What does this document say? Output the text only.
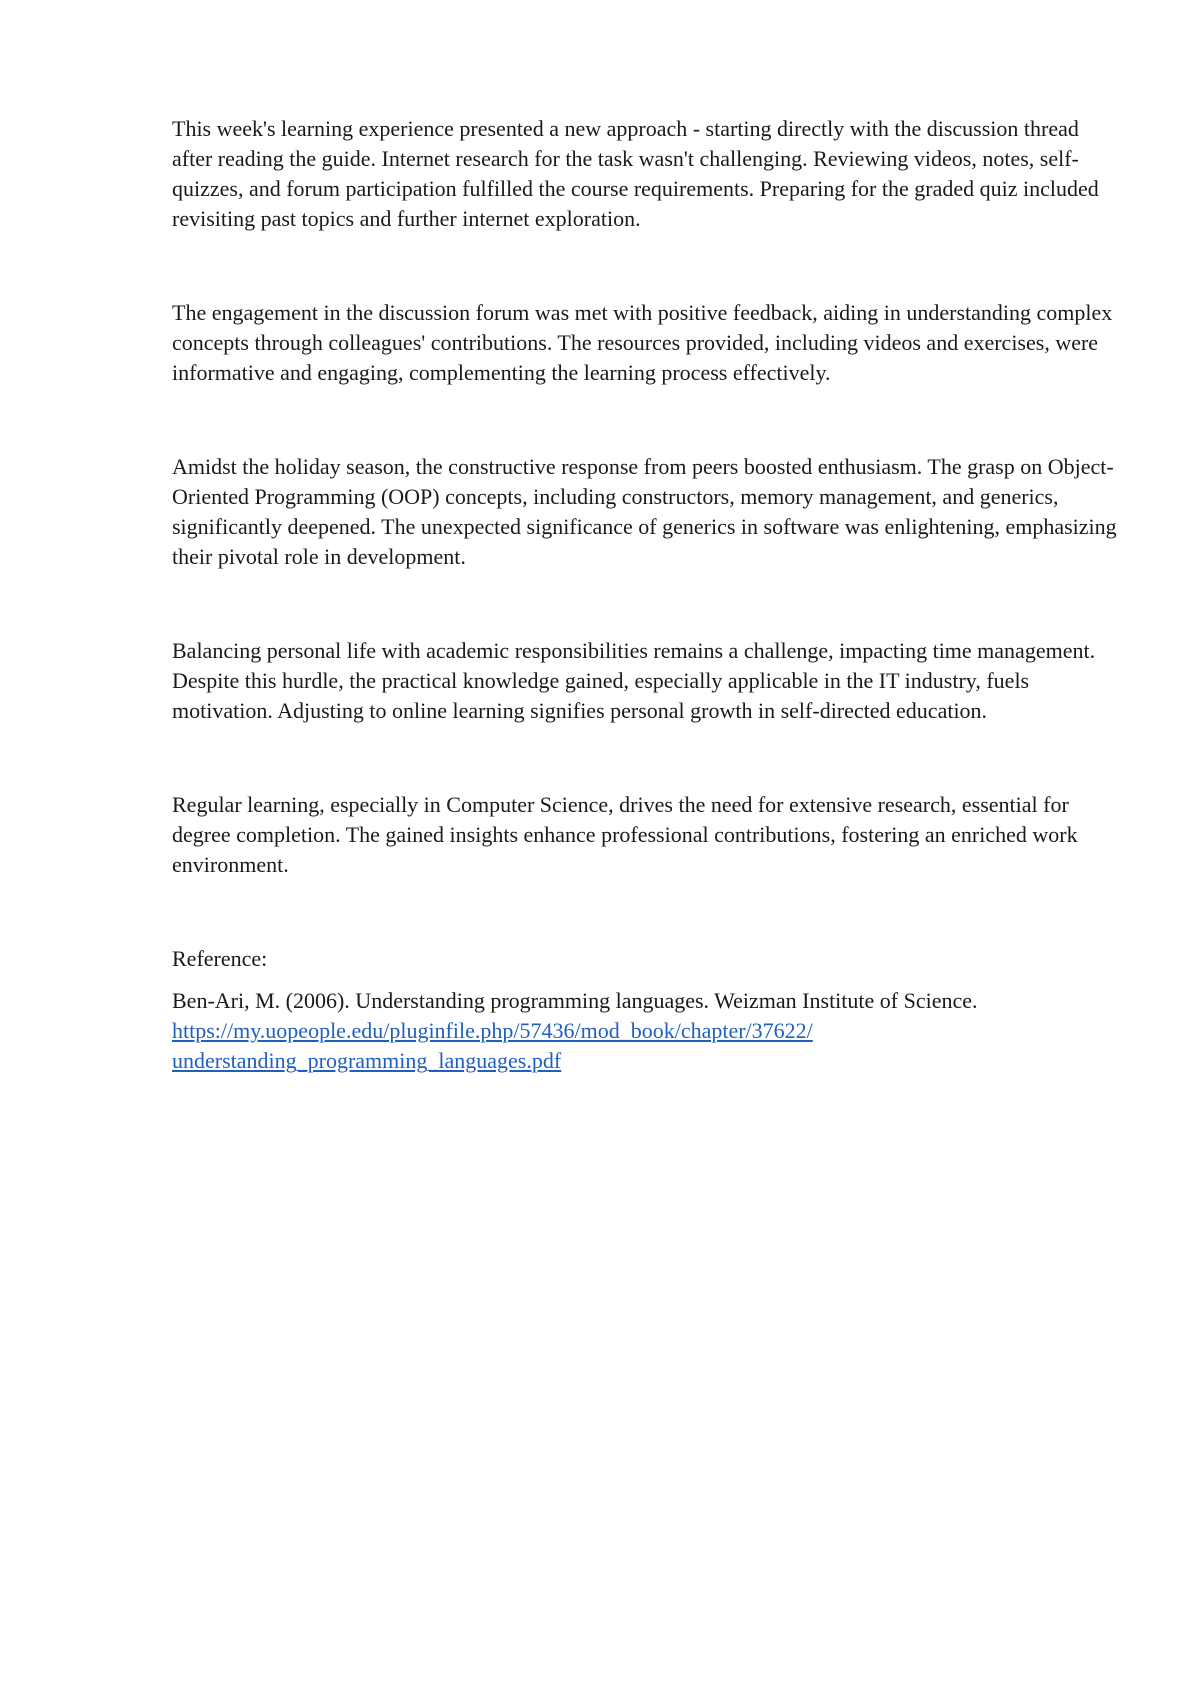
This week's learning experience presented a new approach - starting directly with the discussion thread after reading the guide. Internet research for the task wasn't challenging. Reviewing videos, notes, self-quizzes, and forum participation fulfilled the course requirements. Preparing for the graded quiz included revisiting past topics and further internet exploration.

The engagement in the discussion forum was met with positive feedback, aiding in understanding complex concepts through colleagues' contributions. The resources provided, including videos and exercises, were informative and engaging, complementing the learning process effectively.

Amidst the holiday season, the constructive response from peers boosted enthusiasm. The grasp on Object-Oriented Programming (OOP) concepts, including constructors, memory management, and generics, significantly deepened. The unexpected significance of generics in software was enlightening, emphasizing their pivotal role in development.

Balancing personal life with academic responsibilities remains a challenge, impacting time management. Despite this hurdle, the practical knowledge gained, especially applicable in the IT industry, fuels motivation. Adjusting to online learning signifies personal growth in self-directed education.

Regular learning, especially in Computer Science, drives the need for extensive research, essential for degree completion. The gained insights enhance professional contributions, fostering an enriched work environment.

Reference:

Ben-Ari, M. (2006). Understanding programming languages. Weizman Institute of Science.
https://my.uopeople.edu/pluginfile.php/57436/mod_book/chapter/37622/
understanding_programming_languages.pdf
